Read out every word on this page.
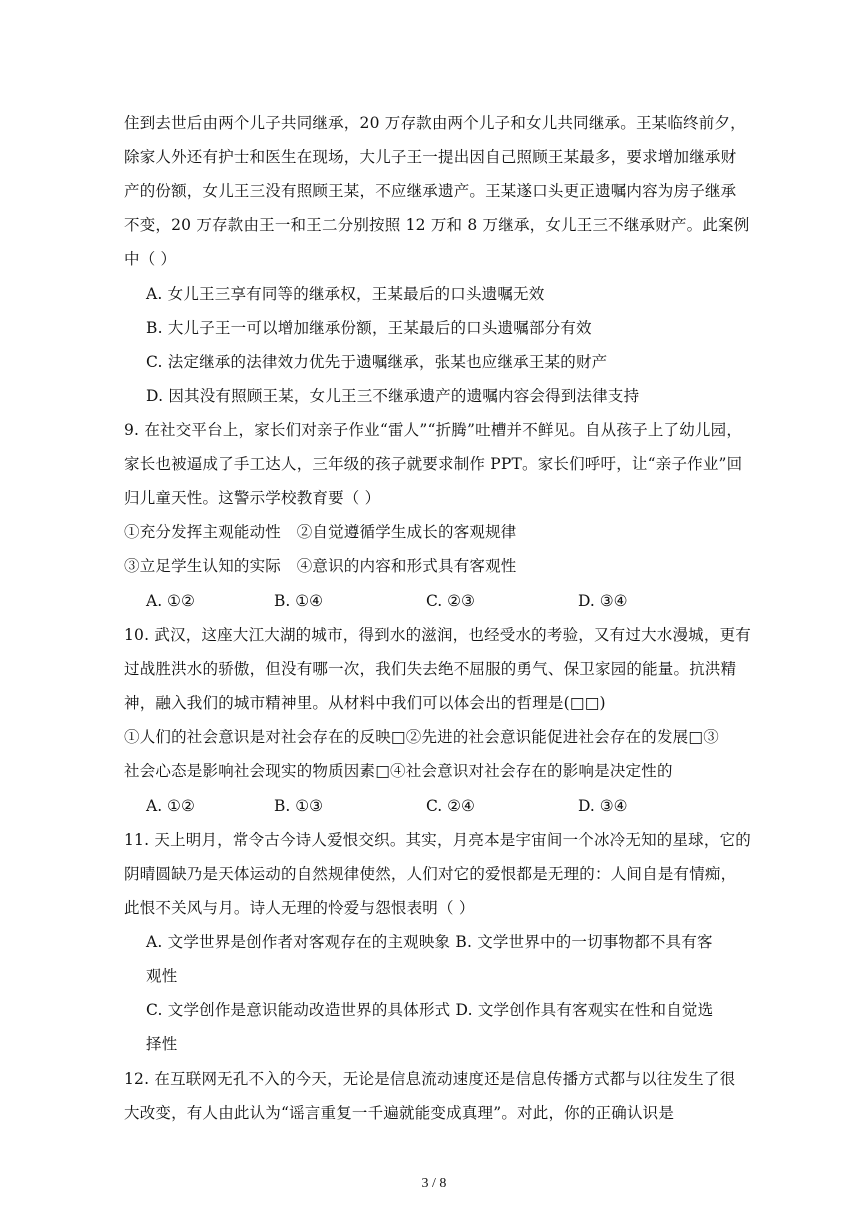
住到去世后由两个儿子共同继承，20 万存款由两个儿子和女儿共同继承。王某临终前夕，
除家人外还有护士和医生在现场，大儿子王一提出因自己照顾王某最多，要求增加继承财
产的份额，女儿王三没有照顾王某，不应继承遗产。王某遂口头更正遗嘱内容为房子继承
不变，20 万存款由王一和王二分别按照 12 万和 8 万继承，女儿王三不继承财产。此案例
中（ ）
A. 女儿王三享有同等的继承权，王某最后的口头遗嘱无效
B. 大儿子王一可以增加继承份额，王某最后的口头遗嘱部分有效
C. 法定继承的法律效力优先于遗嘱继承，张某也应继承王某的财产
D. 因其没有照顾王某，女儿王三不继承遗产的遗嘱内容会得到法律支持
9. 在社交平台上，家长们对亲子作业“雷人”“折腾”吐槽并不鲜见。自从孩子上了幼儿园，
家长也被逼成了手工达人，三年级的孩子就要求制作 PPT。家长们呼吁，让“亲子作业”回
归儿童天性。这警示学校教育要（ ）
①充分发挥主观能动性　②自觉遵循学生成长的客观规律
③立足学生认知的实际　④意识的内容和形式具有客观性
A. ①②	B. ①④	C. ②③	D. ③④
10. 武汉，这座大江大湖的城市，得到水的滋润，也经受水的考验，又有过大水漫城，更有
过战胜洪水的骄傲，但没有哪一次，我们失去绝不屈服的勇气、保卫家园的能量。抗洪精
神，融入我们的城市精神里。从材料中我们可以体会出的哲理是(□□)
①人们的社会意识是对社会存在的反映□②先进的社会意识能促进社会存在的发展□③
社会心态是影响社会现实的物质因素□④社会意识对社会存在的影响是决定性的
A. ①②	B. ①③	C. ②④	D. ③④
11. 天上明月，常令古今诗人爱恨交织。其实，月亮本是宇宙间一个冰冷无知的星球，它的
阴晴圆缺乃是天体运动的自然规律使然，人们对它的爱恨都是无理的：人间自是有情痴，
此恨不关风与月。诗人无理的怜爱与怨恨表明（ ）
A. 文学世界是创作者对客观存在的主观映象 B. 文学世界中的一切事物都不具有客
观性
C. 文学创作是意识能动改造世界的具体形式 D. 文学创作具有客观实在性和自觉选
择性
12. 在互联网无孔不入的今天，无论是信息流动速度还是信息传播方式都与以往发生了很
大改变，有人由此认为“谣言重复一千遍就能变成真理”。对此，你的正确认识是
3 / 8
